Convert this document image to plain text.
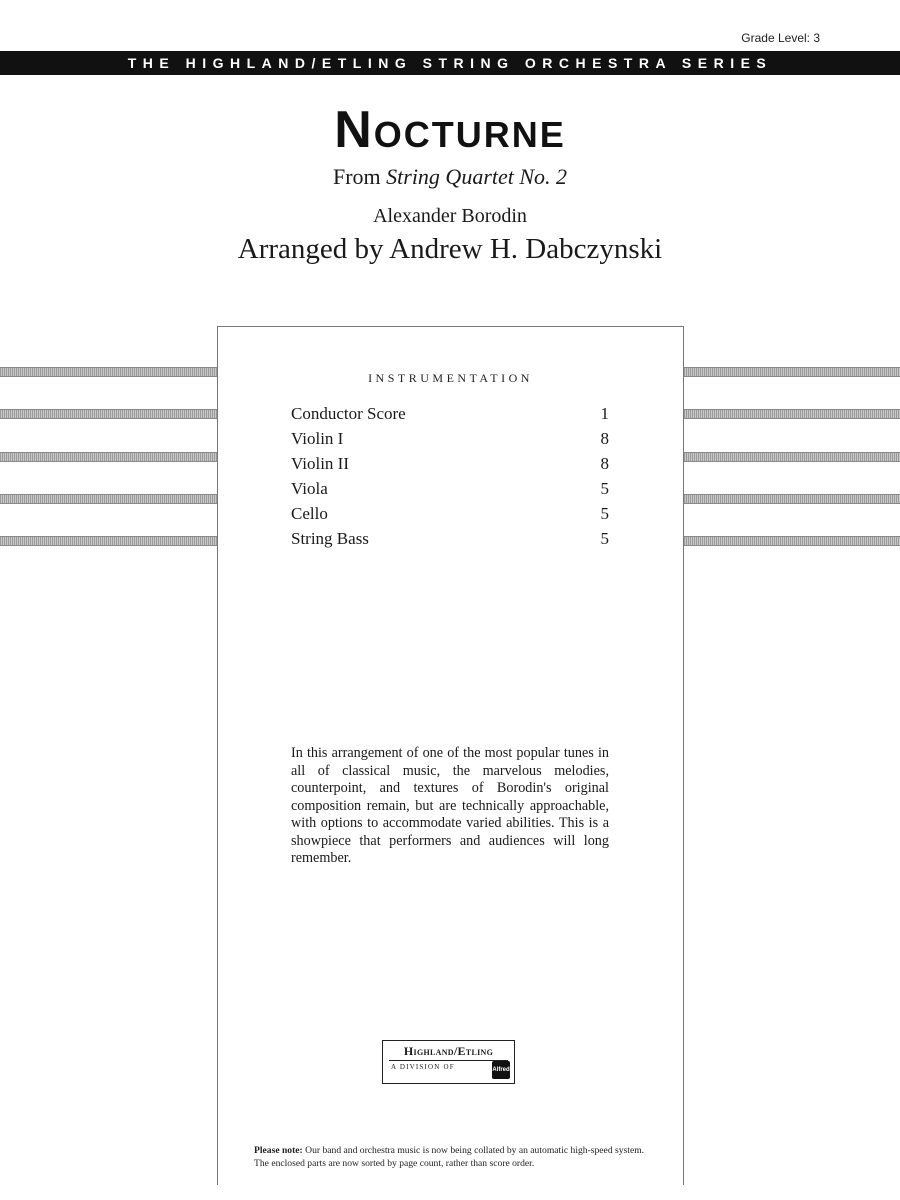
Grade Level: 3
THE HIGHLAND/ETLING STRING ORCHESTRA SERIES
Nocturne
From String Quartet No. 2
Alexander Borodin
Arranged by Andrew H. Dabczynski
INSTRUMENTATION
Conductor Score	1
Violin I	8
Violin II	8
Viola	5
Cello	5
String Bass	5
In this arrangement of one of the most popular tunes in all of classical music, the marvelous melodies, counterpoint, and textures of Borodin's original composition remain, but are technically approachable, with options to accommodate varied abilities. This is a showpiece that performers and audiences will long remember.
Highland/Etling
A DIVISION OF	Alfred
Please note: Our band and orchestra music is now being collated by an automatic high-speed system. The enclosed parts are now sorted by page count, rather than score order.
